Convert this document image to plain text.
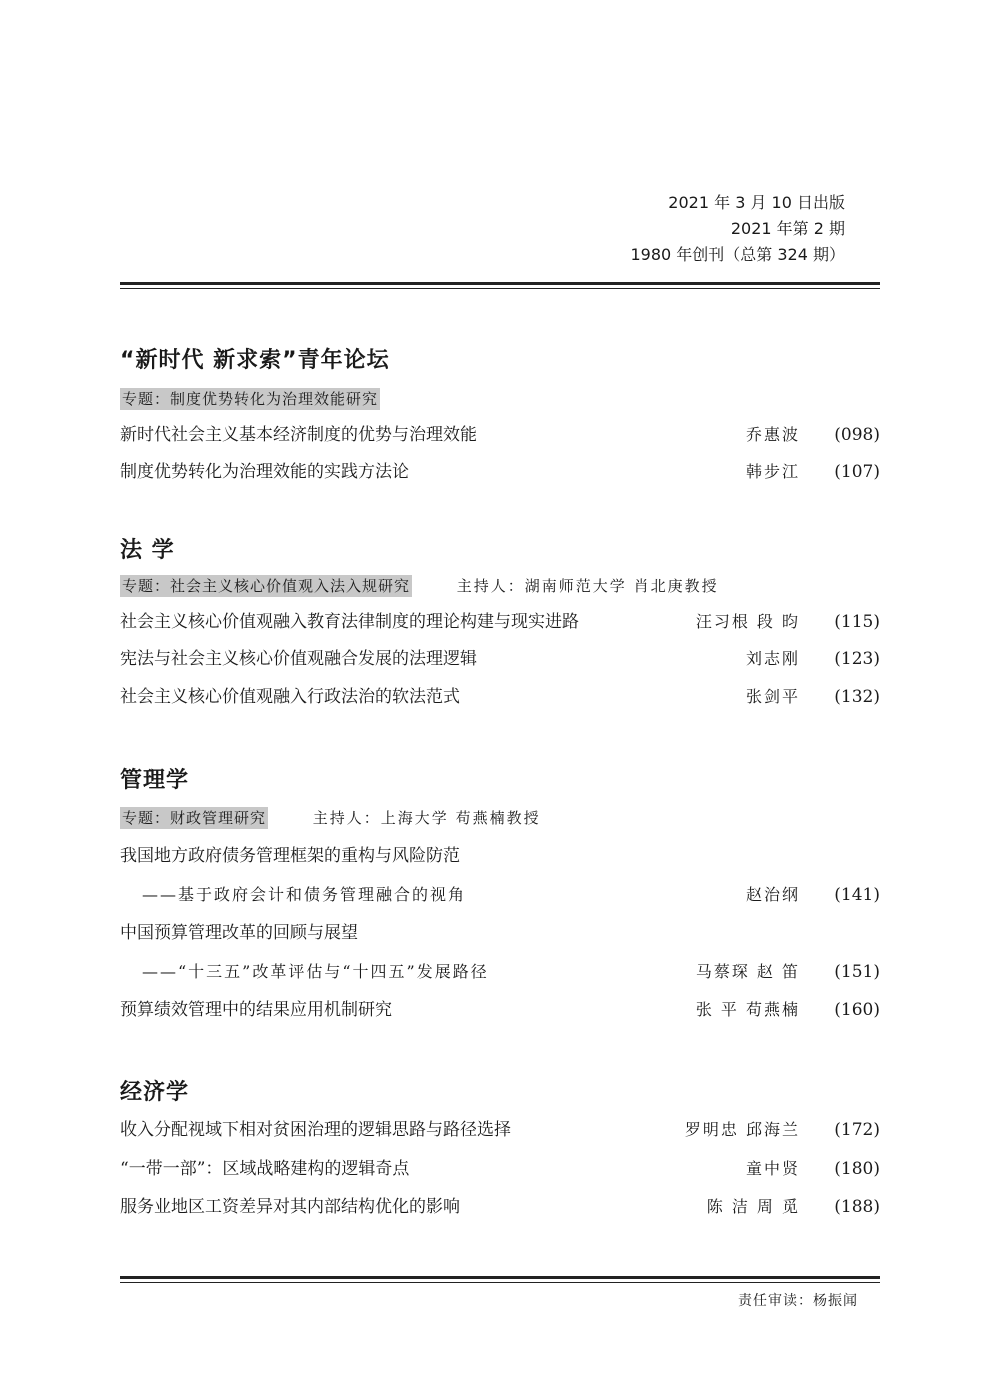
2021 年 3 月 10 日出版
2021 年第 2 期
1980 年创刊（总第 324 期）
“新时代 新求索”青年论坛
专题：制度优势转化为治理效能研究
新时代社会主义基本经济制度的优势与治理效能	乔惠波 (098)
制度优势转化为治理效能的实践方法论	韩步江 (107)
法 学
专题：社会主义核心价值观入法入规研究	主持人：湖南师范大学 肖北庚教授
社会主义核心价值观融入教育法律制度的理论构建与现实进路	汪习根 段 昀 (115)
宪法与社会主义核心价值观融合发展的法理逻辑	刘志刚 (123)
社会主义核心价值观融入行政法治的软法范式	张剑平 (132)
管理学
专题：财政管理研究	主持人：上海大学 苟燕楠教授
我国地方政府债务管理框架的重构与风险防范
——基于政府会计和债务管理融合的视角	赵治纲 (141)
中国预算管理改革的回顾与展望
——“十三五”改革评估与“十四五”发展路径	马蔡琛 赵 笛 (151)
预算绩效管理中的结果应用机制研究	张 平 苟燕楠 (160)
经济学
收入分配视域下相对贫困治理的逻辑思路与路径选择	罗明忠 邱海兰 (172)
“一带一部”：区域战略建构的逻辑奇点	童中贤 (180)
服务业地区工资差异对其内部结构优化的影响	陈 洁 周 觅 (188)
责任审读：杨振闻
